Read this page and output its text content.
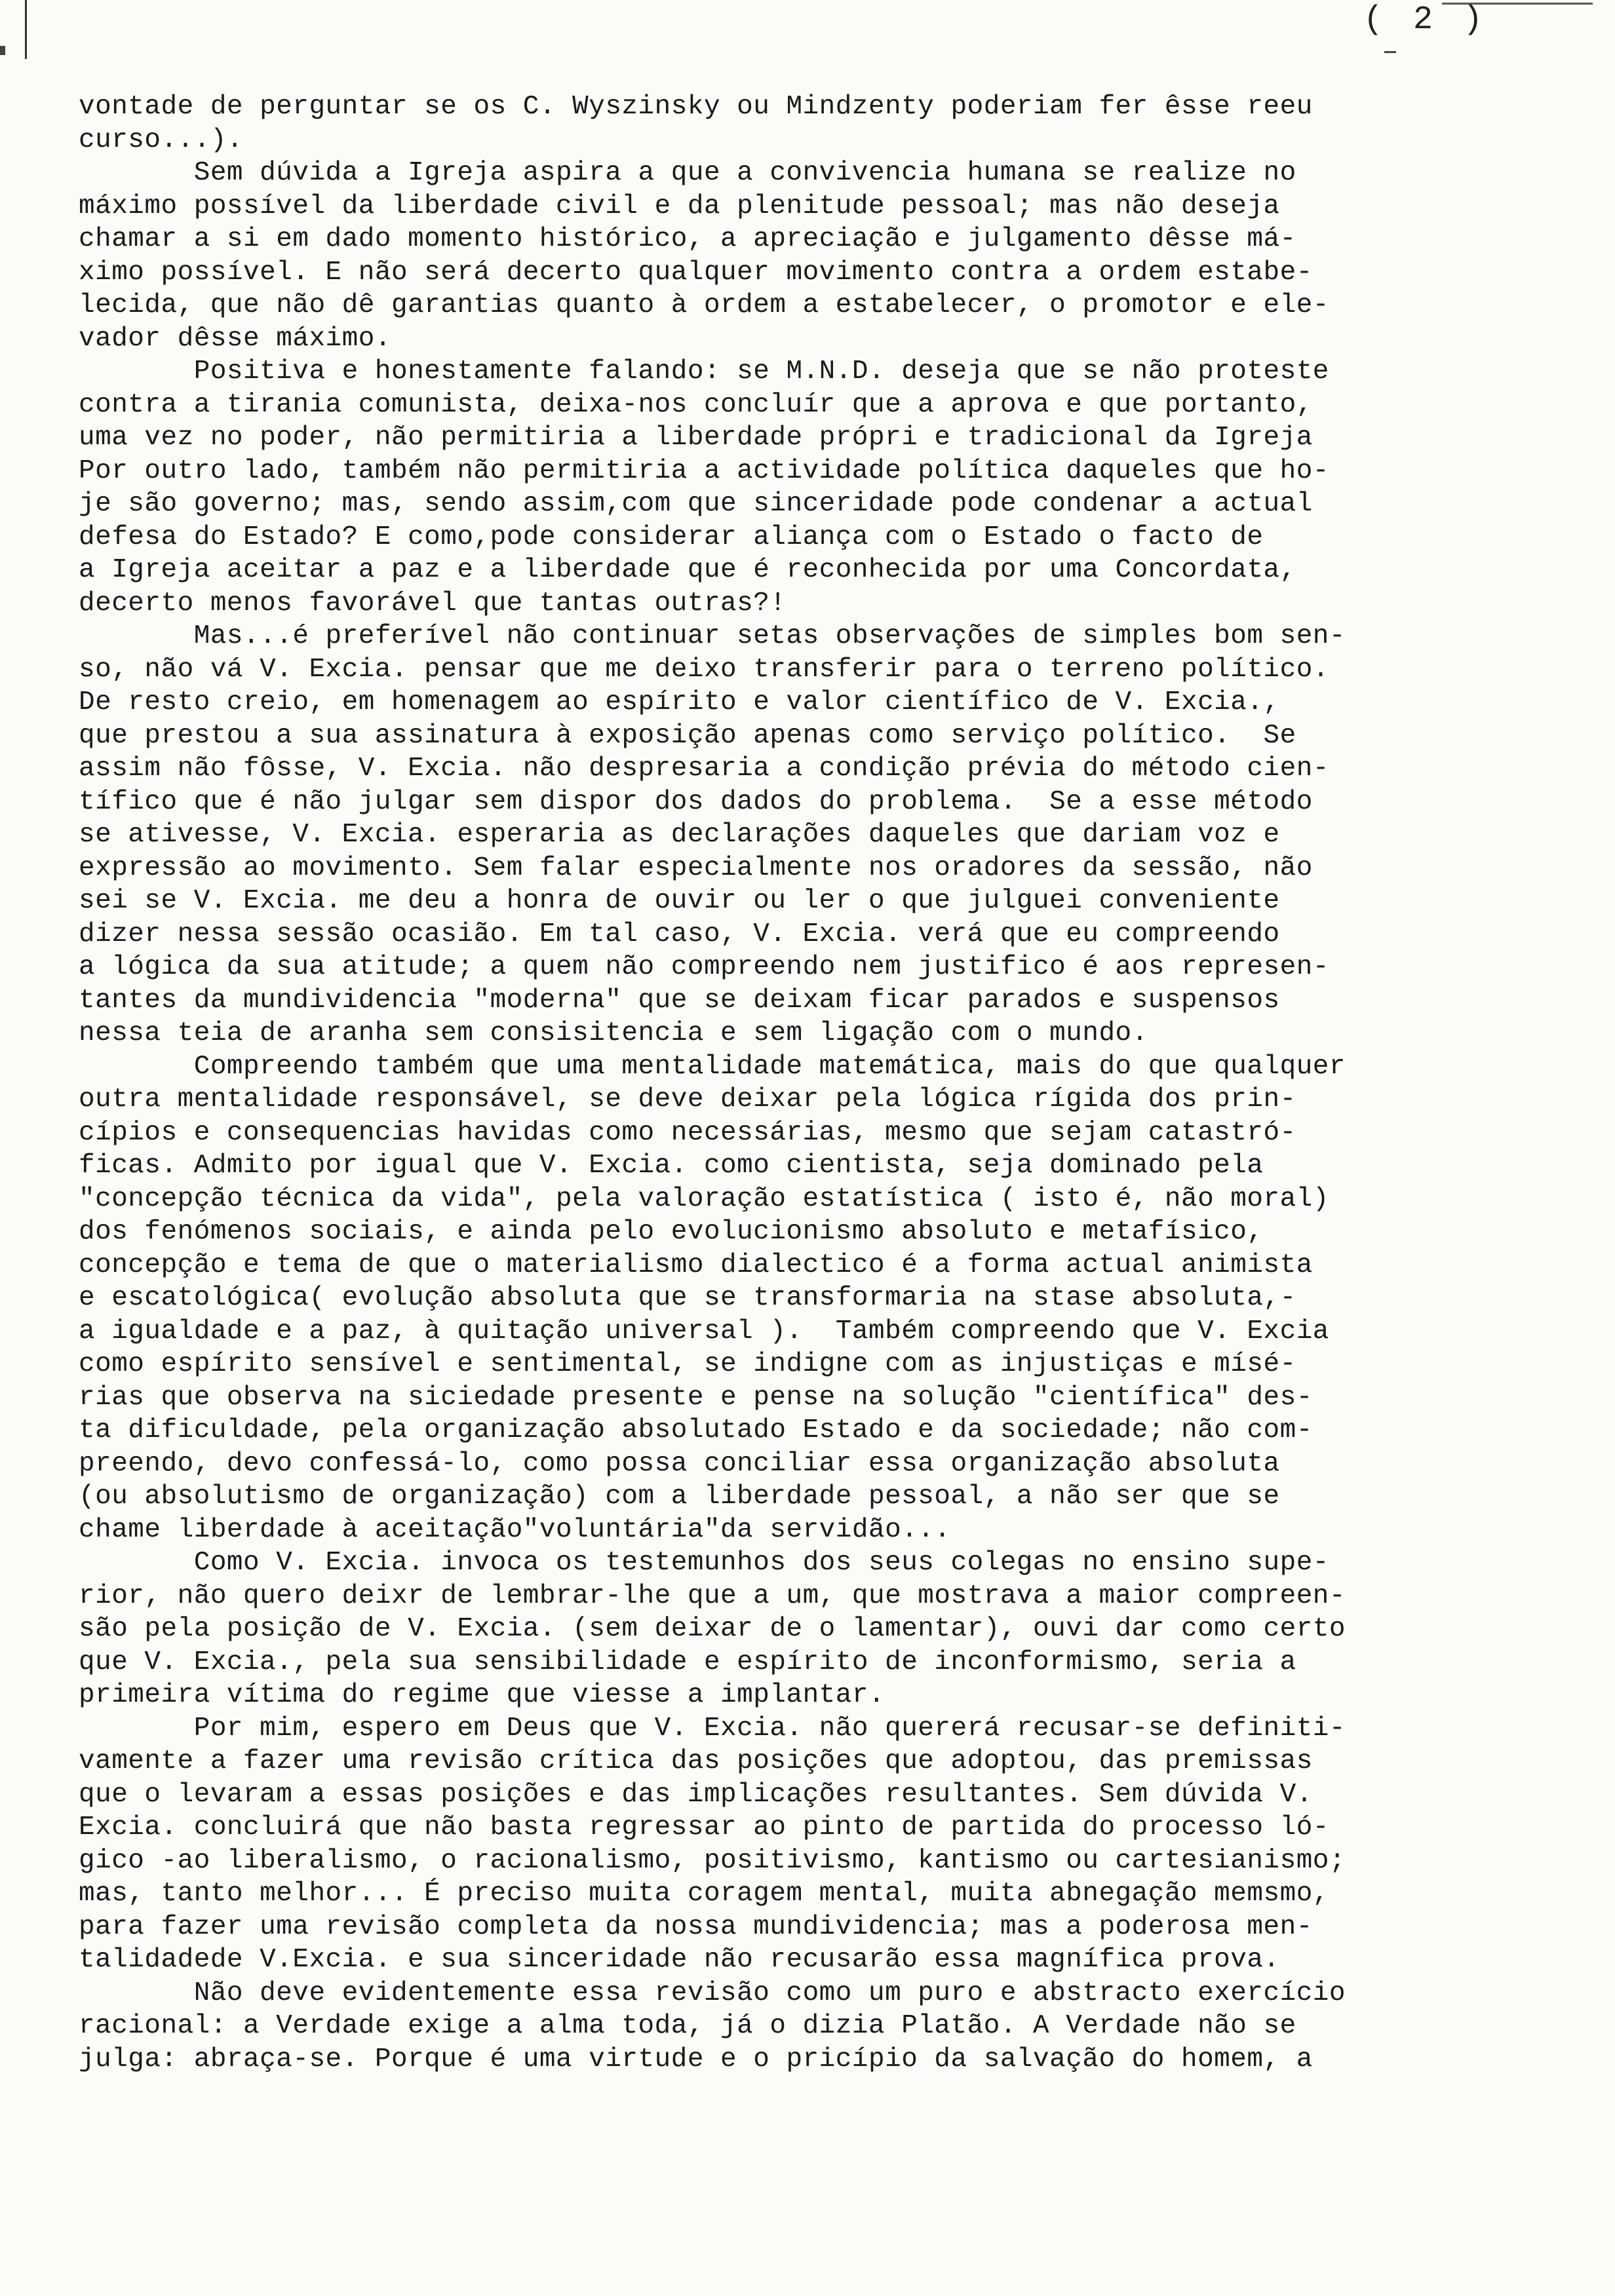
( 2 )
vontade de perguntar se os C. Wyszinsky ou Mindzenty poderiam fer êsse reeu
curso...).
Sem dúvida a Igreja aspira a que a convivencia humana se realize no
máximo possível da liberdade civil e da plenitude pessoal; mas não deseja
chamar a si em dado momento histórico, a apreciação e julgamento dêsse má-
ximo possível. E não será decerto qualquer movimento contra a ordem estabe-
lecida, que não dê garantias quanto à ordem a estabelecer, o promotor e ele-
vador dêsse máximo.
Positiva e honestamente falando: se M.N.D. deseja que se não proteste
contra a tirania comunista, deixa-nos concluír que a aprova e que portanto,
uma vez no poder, não permitiria a liberdade própri e tradicional da Igreja
Por outro lado, também não permitiria a actividade política daqueles que ho-
je são governo; mas, sendo assim,com que sinceridade pode condenar a actual
defesa do Estado? E como,pode considerar aliança com o Estado o facto de
a Igreja aceitar a paz e a liberdade que é reconhecida por uma Concordata,
decerto menos favorável que tantas outras?!
Mas...é preferível não continuar setas observações de simples bom sen-
so, não vá V. Excia. pensar que me deixo transferir para o terreno político.
De resto creio, em homenagem ao espírito e valor científico de V. Excia.,
que prestou a sua assinatura à exposição apenas como serviço político.  Se
assim não fôsse, V. Excia. não despresaria a condição prévia do método cien-
tífico que é não julgar sem dispor dos dados do problema.  Se a esse método
se ativesse, V. Excia. esperaria as declarações daqueles que dariam voz e
expressão ao movimento. Sem falar especialmente nos oradores da sessão, não
sei se V. Excia. me deu a honra de ouvir ou ler o que julguei conveniente
dizer nessa sessão ocasião. Em tal caso, V. Excia. verá que eu compreendo
a lógica da sua atitude; a quem não compreendo nem justifico é aos represen-
tantes da mundividencia "moderna" que se deixam ficar parados e suspensos
nessa teia de aranha sem consisitencia e sem ligação com o mundo.
Compreendo também que uma mentalidade matemática, mais do que qualquer
outra mentalidade responsável, se deve deixar pela lógica rígida dos prin-
cípios e consequencias havidas como necessárias, mesmo que sejam catastró-
ficas. Admito por igual que V. Excia. como cientista, seja dominado pela
"concepção técnica da vida", pela valoração estatística ( isto é, não moral)
dos fenómenos sociais, e ainda pelo evolucionismo absoluto e metafísico,
concepção e tema de que o materialismo dialectico é a forma actual animista
e escatológica( evolução absoluta que se transformaria na stase absoluta,-
a igualdade e a paz, à quitação universal ).  Também compreendo que V. Excia
como espírito sensível e sentimental, se indigne com as injustiças e mísé-
rias que observa na siciedade presente e pense na solução "científica" des-
ta dificuldade, pela organização absolutado Estado e da sociedade; não com-
preendo, devo confessá-lo, como possa conciliar essa organização absoluta
(ou absolutismo de organização) com a liberdade pessoal, a não ser que se
chame liberdade à aceitação"voluntária"da servidão...
Como V. Excia. invoca os testemunhos dos seus colegas no ensino supe-
rior, não quero deixr de lembrar-lhe que a um, que mostrava a maior compreen-
são pela posição de V. Excia. (sem deixar de o lamentar), ouvi dar como certo
que V. Excia., pela sua sensibilidade e espírito de inconformismo, seria a
primeira vítima do regime que viesse a implantar.
Por mim, espero em Deus que V. Excia. não quererá recusar-se definiti-
vamente a fazer uma revisão crítica das posições que adoptou, das premissas
que o levaram a essas posições e das implicações resultantes. Sem dúvida V.
Excia. concluirá que não basta regressar ao pinto de partida do processo ló-
gico -ao liberalismo, o racionalismo, positivismo, kantismo ou cartesianismo;
mas, tanto melhor... É preciso muita coragem mental, muita abnegação memsmo,
para fazer uma revisão completa da nossa mundividencia; mas a poderosa men-
talidadede V.Excia. e sua sinceridade não recusarão essa magnífica prova.
Não deve evidentemente essa revisão como um puro e abstracto exercício
racional: a Verdade exige a alma toda, já o dizia Platão. A Verdade não se
julga: abraça-se. Porque é uma virtude e o pricípio da salvação do homem, a
